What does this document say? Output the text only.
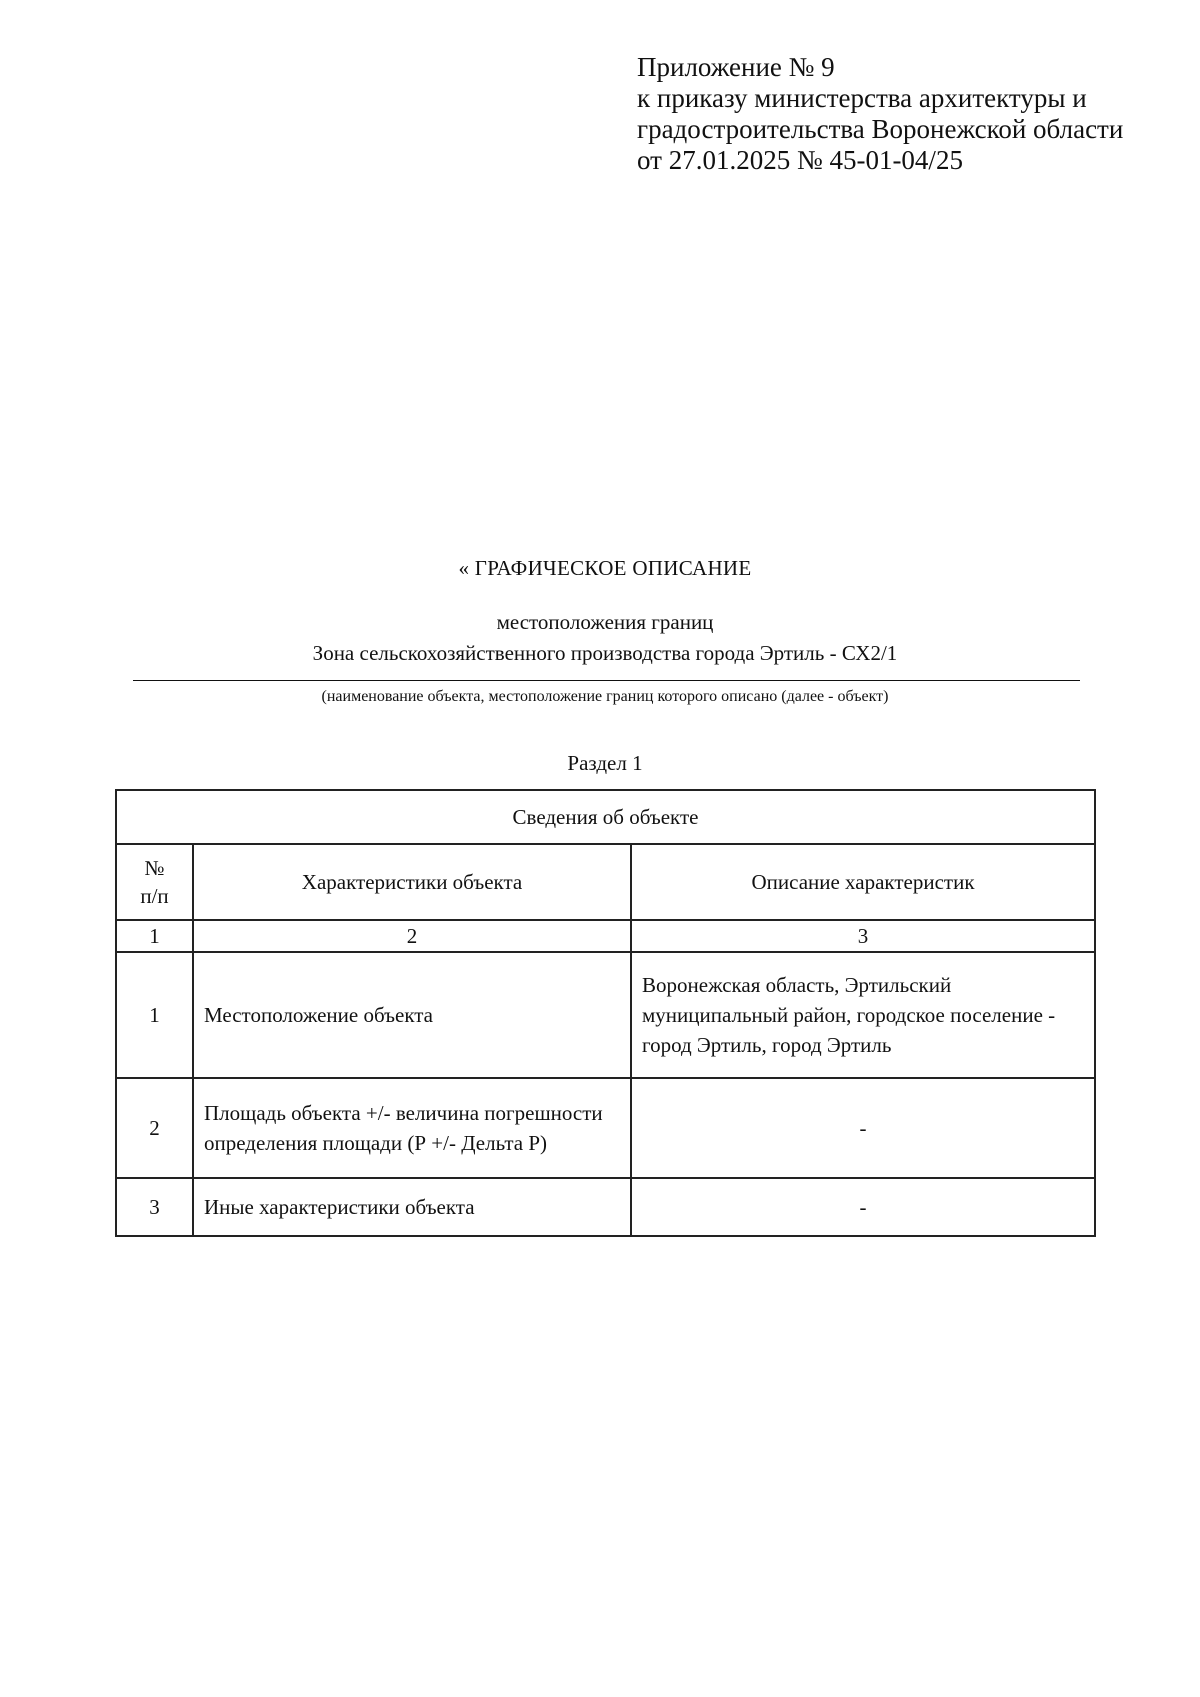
Приложение № 9
к приказу министерства архитектуры и
градостроительства Воронежской области
от 27.01.2025 № 45-01-04/25
« ГРАФИЧЕСКОЕ ОПИСАНИЕ
местоположения границ
Зона сельскохозяйственного производства города Эртиль - СХ2/1
(наименование объекта, местоположение границ которого описано (далее - объект)
Раздел 1
Сведения об объекте		
№
п/п	Характеристики объекта	Описание характеристик
1	2	3
1	Местоположение объекта	Воронежская область, Эртильский муниципальный район, городское поселение - город Эртиль, город Эртиль
2	Площадь объекта +/- величина погрешности определения площади (Р +/- Дельта Р)	-
3	Иные характеристики объекта	-
